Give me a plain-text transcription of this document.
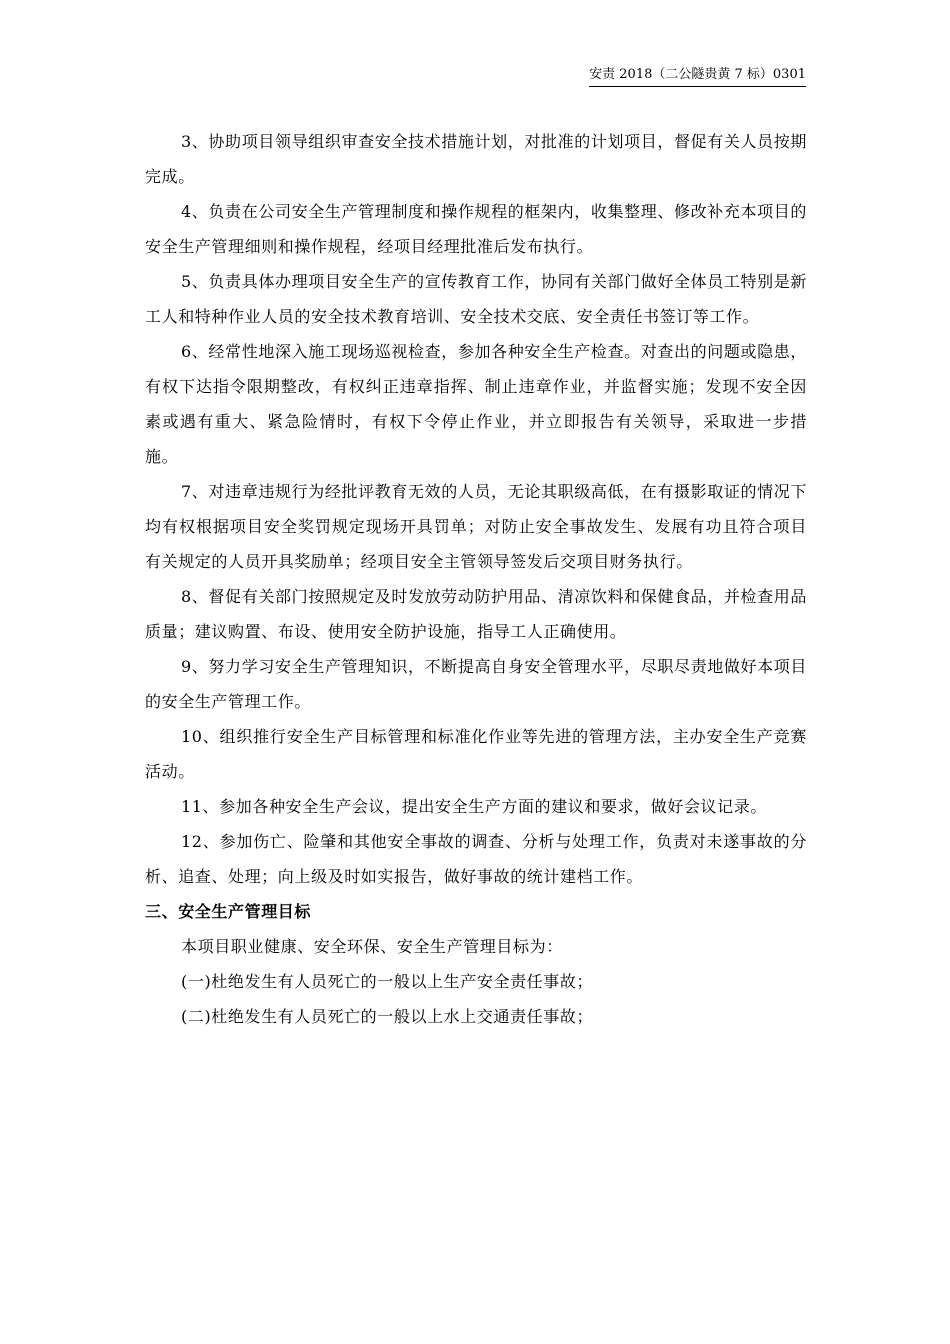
安责 2018（二公隧贵黄 7 标）0301

3、协助项目领导组织审查安全技术措施计划，对批准的计划项目，督促有关人员按期完成。

4、负责在公司安全生产管理制度和操作规程的框架内，收集整理、修改补充本项目的安全生产管理细则和操作规程，经项目经理批准后发布执行。

5、负责具体办理项目安全生产的宣传教育工作，协同有关部门做好全体员工特别是新工人和特种作业人员的安全技术教育培训、安全技术交底、安全责任书签订等工作。

6、经常性地深入施工现场巡视检查，参加各种安全生产检查。对查出的问题或隐患，有权下达指令限期整改，有权纠正违章指挥、制止违章作业，并监督实施；发现不安全因素或遇有重大、紧急险情时，有权下令停止作业，并立即报告有关领导，采取进一步措施。

7、对违章违规行为经批评教育无效的人员，无论其职级高低，在有摄影取证的情况下均有权根据项目安全奖罚规定现场开具罚单；对防止安全事故发生、发展有功且符合项目有关规定的人员开具奖励单；经项目安全主管领导签发后交项目财务执行。

8、督促有关部门按照规定及时发放劳动防护用品、清凉饮料和保健食品，并检查用品质量；建议购置、布设、使用安全防护设施，指导工人正确使用。

9、努力学习安全生产管理知识，不断提高自身安全管理水平，尽职尽责地做好本项目的安全生产管理工作。

10、组织推行安全生产目标管理和标准化作业等先进的管理方法，主办安全生产竞赛活动。

11、参加各种安全生产会议，提出安全生产方面的建议和要求，做好会议记录。

12、参加伤亡、险肇和其他安全事故的调查、分析与处理工作，负责对未遂事故的分析、追查、处理；向上级及时如实报告，做好事故的统计建档工作。

三、安全生产管理目标

本项目职业健康、安全环保、安全生产管理目标为：

(一)杜绝发生有人员死亡的一般以上生产安全责任事故；

(二)杜绝发生有人员死亡的一般以上水上交通责任事故；
